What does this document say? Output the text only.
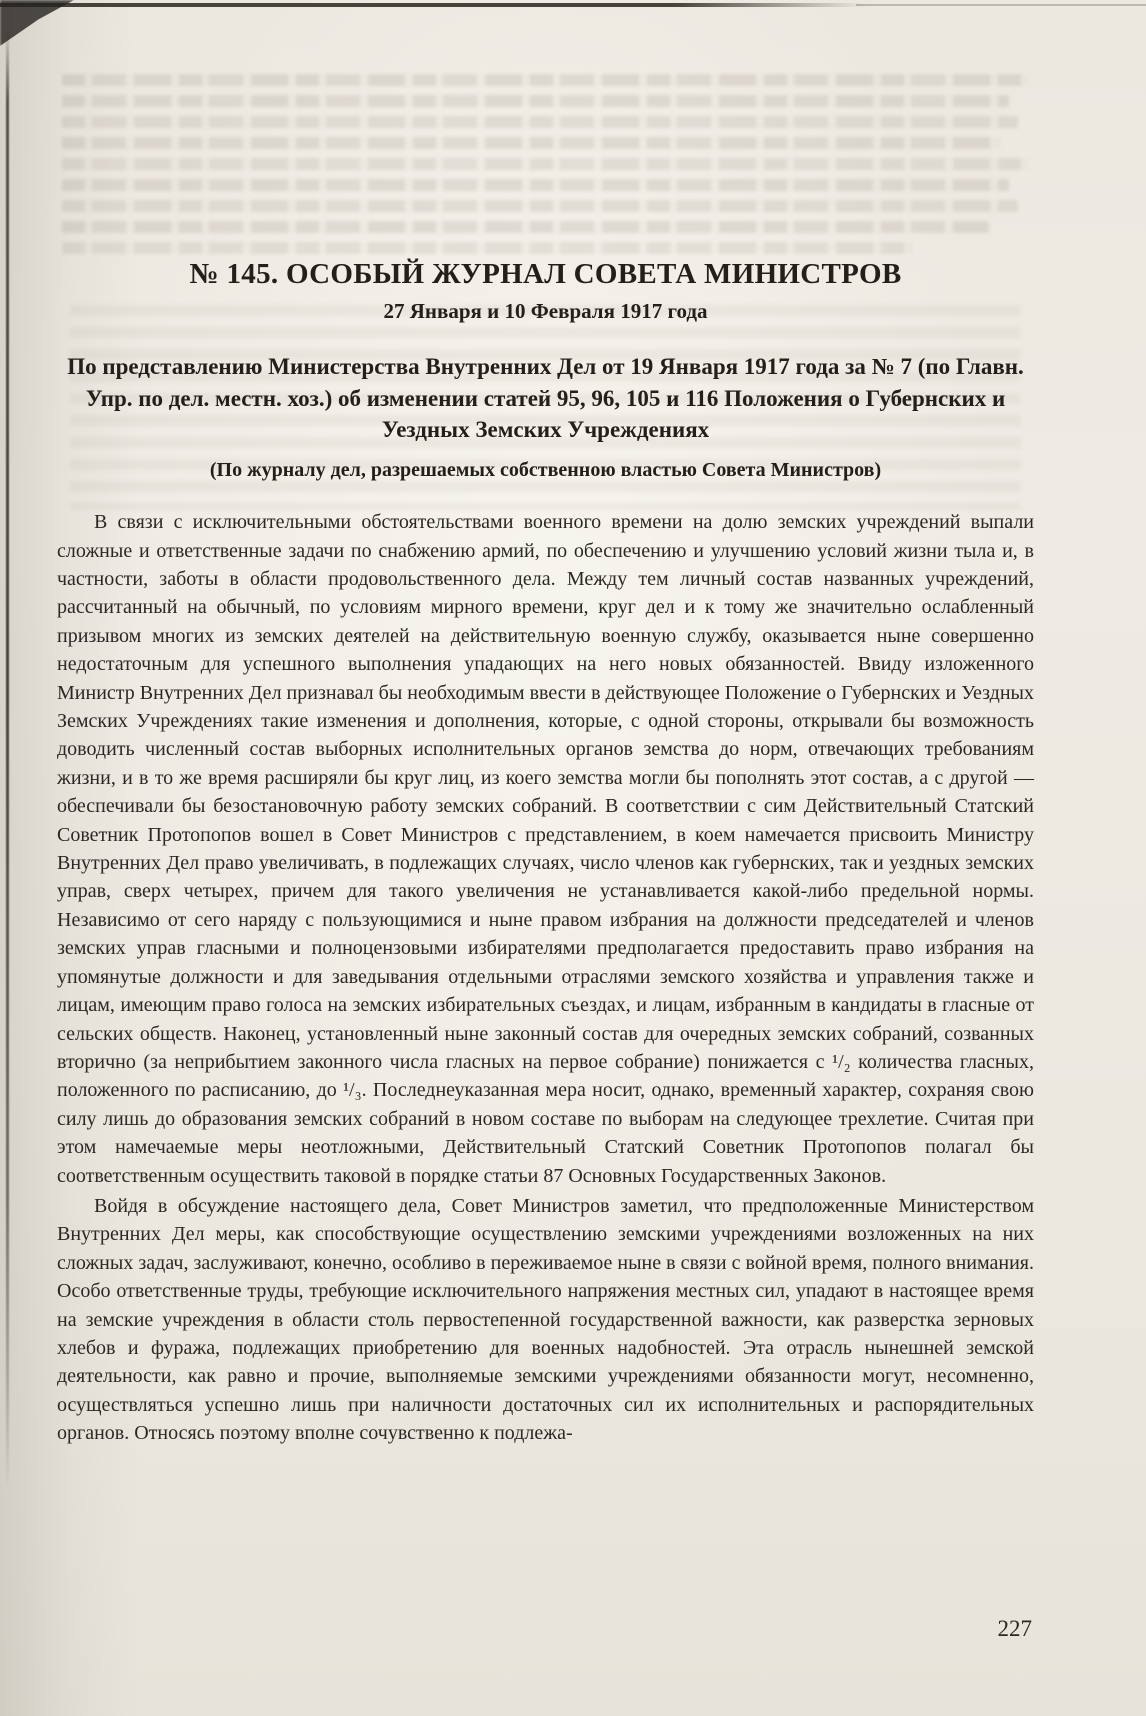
№ 145. ОСОБЫЙ ЖУРНАЛ СОВЕТА МИНИСТРОВ
27 Января и 10 Февраля 1917 года
По представлению Министерства Внутренних Дел от 19 Января 1917 года за № 7 (по Главн. Упр. по дел. местн. хоз.) об изменении статей 95, 96, 105 и 116 Положения о Губернских и Уездных Земских Учреждениях
(По журналу дел, разрешаемых собственною властью Совета Министров)

В связи с исключительными обстоятельствами военного времени на долю земских учреждений выпали сложные и ответственные задачи по снабжению армий, по обеспечению и улучшению условий жизни тыла и, в частности, заботы в области продовольственного дела. Между тем личный состав названных учреждений, рассчитанный на обычный, по условиям мирного времени, круг дел и к тому же значительно ослабленный призывом многих из земских деятелей на действительную военную службу, оказывается ныне совершенно недостаточным для успешного выполнения упадающих на него новых обязанностей. Ввиду изложенного Министр Внутренних Дел признавал бы необходимым ввести в действующее Положение о Губернских и Уездных Земских Учреждениях такие изменения и дополнения, которые, с одной стороны, открывали бы возможность доводить численный состав выборных исполнительных органов земства до норм, отвечающих требованиям жизни, и в то же время расширяли бы круг лиц, из коего земства могли бы пополнять этот состав, а с другой — обеспечивали бы безостановочную работу земских собраний. В соответствии с сим Действительный Статский Советник Протопопов вошел в Совет Министров с представлением, в коем намечается присвоить Министру Внутренних Дел право увеличивать, в подлежащих случаях, число членов как губернских, так и уездных земских управ, сверх четырех, причем для такого увеличения не устанавливается какой-либо предельной нормы. Независимо от сего наряду с пользующимися и ныне правом избрания на должности председателей и членов земских управ гласными и полноцензовыми избирателями предполагается предоставить право избрания на упомянутые должности и для заведывания отдельными отраслями земского хозяйства и управления также и лицам, имеющим право голоса на земских избирательных съездах, и лицам, избранным в кандидаты в гласные от сельских обществ. Наконец, установленный ныне законный состав для очередных земских собраний, созванных вторично (за неприбытием законного числа гласных на первое собрание) понижается с ¹/₂ количества гласных, положенного по расписанию, до ¹/₃. Последнеуказанная мера носит, однако, временный характер, сохраняя свою силу лишь до образования земских собраний в новом составе по выборам на следующее трехлетие. Считая при этом намечаемые меры неотложными, Действительный Статский Советник Протопопов полагал бы соответственным осуществить таковой в порядке статьи 87 Основных Государственных Законов.

Войдя в обсуждение настоящего дела, Совет Министров заметил, что предположенные Министерством Внутренних Дел меры, как способствующие осуществлению земскими учреждениями возложенных на них сложных задач, заслуживают, конечно, особливо в переживаемое ныне в связи с войной время, полного внимания. Особо ответственные труды, требующие исключительного напряжения местных сил, упадают в настоящее время на земские учреждения в области столь первостепенной государственной важности, как разверстка зерновых хлебов и фуража, подлежащих приобретению для военных надобностей. Эта отрасль нынешней земской деятельности, как равно и прочие, выполняемые земскими учреждениями обязанности могут, несомненно, осуществляться успешно лишь при наличности достаточных сил их исполнительных и распорядительных органов. Относясь поэтому вполне сочувственно к подлежа-

227
